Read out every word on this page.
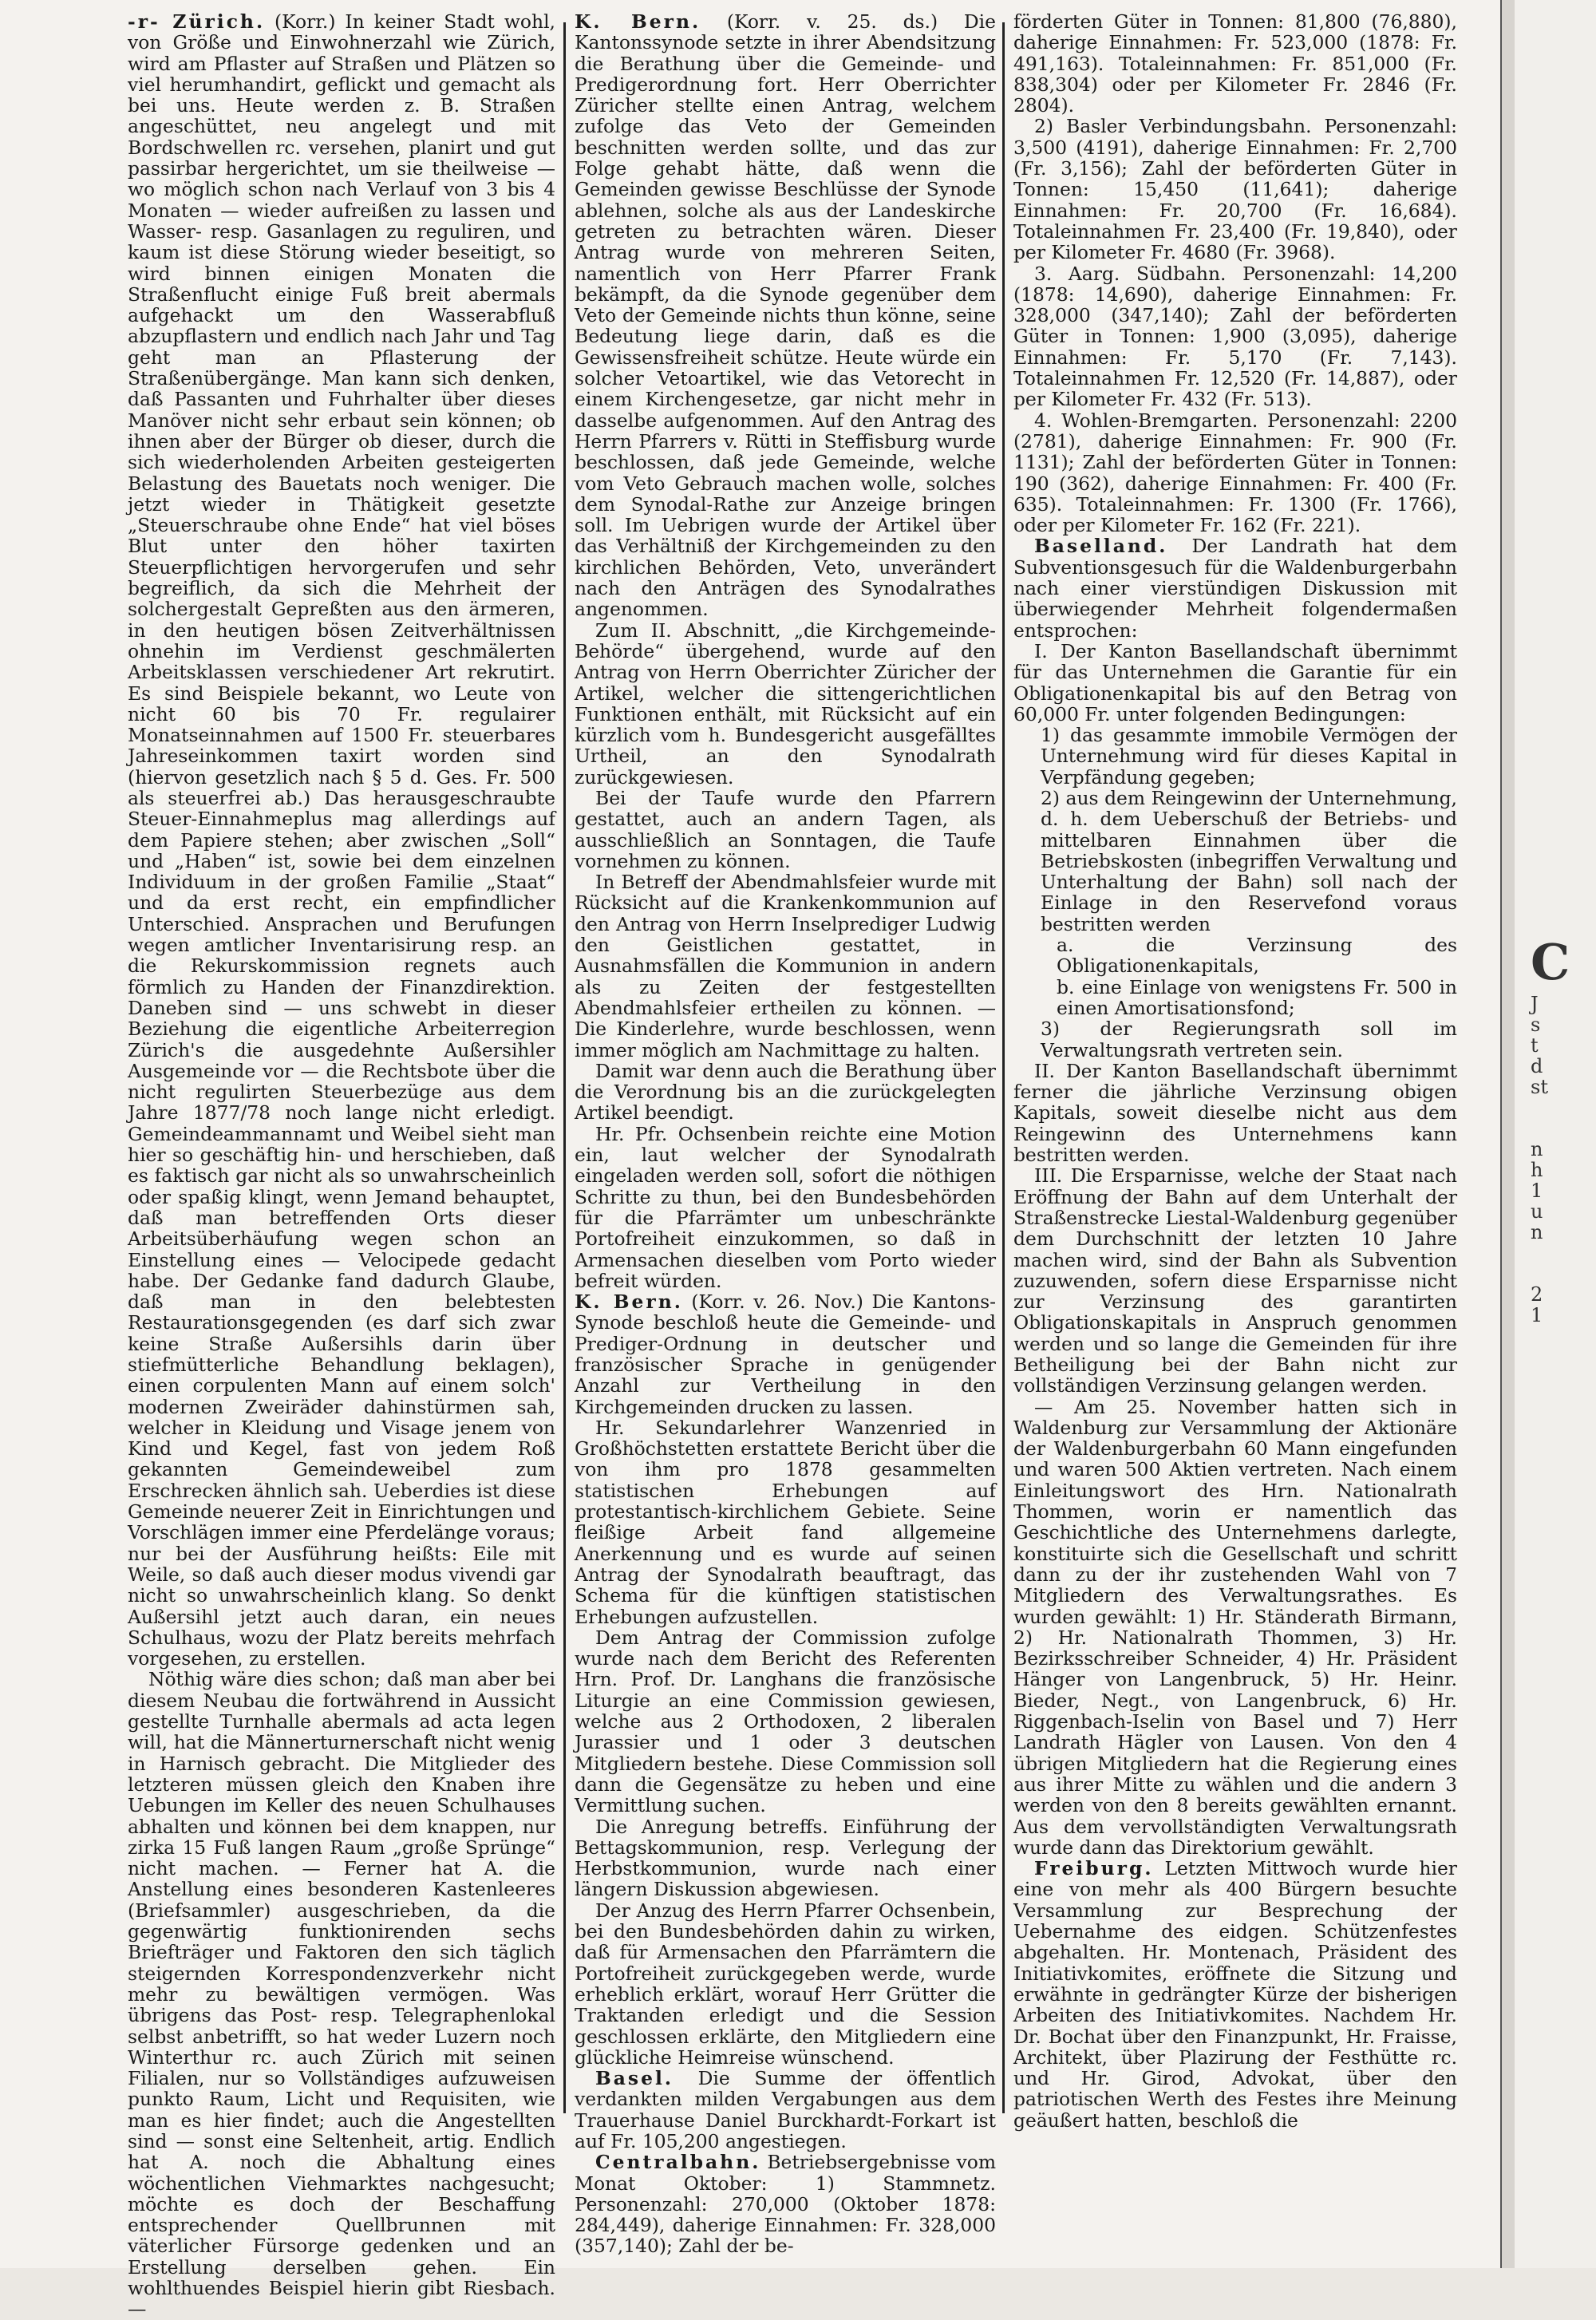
-r- Zürich. (Korr.) In keiner Stadt wohl, von Größe und Einwohnerzahl wie Zürich, wird am Pflaster auf Straßen und Plätzen so viel herumhandirt, geflickt und gemacht als bei uns. Heute werden z. B. Straßen angeschüttet, neu angelegt und mit Bordschwellen rc. versehen, planirt und gut passirbar hergerichtet, um sie theilweise — wo möglich schon nach Verlauf von 3 bis 4 Monaten — wieder aufreißen zu lassen und Wasser- resp. Gasanlagen zu reguliren, und kaum ist diese Störung wieder beseitigt, so wird binnen einigen Monaten die Straßenflucht einige Fuß breit abermals aufgehackt um den Wasserabfluß abzupflastern und endlich nach Jahr und Tag geht man an Pflasterung der Straßenübergänge. Man kann sich denken, daß Passanten und Fuhrhalter über dieses Manöver nicht sehr erbaut sein können; ob ihnen aber der Bürger ob dieser, durch die sich wiederholenden Arbeiten gesteigerten Belastung des Bauetats noch weniger. Die jetzt wieder in Thätigkeit gesetzte „Steuerschraube ohne Ende“ hat viel böses Blut unter den höher taxirten Steuerpflichtigen hervorgerufen und sehr begreiflich, da sich die Mehrheit der solchergestalt Gepreßten aus den ärmeren, in den heutigen bösen Zeitverhältnissen ohnehin im Verdienst geschmälerten Arbeitsklassen verschiedener Art rekrutirt. Es sind Beispiele bekannt, wo Leute von nicht 60 bis 70 Fr. regulairer Monatseinnahmen auf 1500 Fr. steuerbares Jahreseinkommen taxirt worden sind (hiervon gesetzlich nach § 5 d. Ges. Fr. 500 als steuerfrei ab.) Das herausgeschraubte Steuer-Einnahmeplus mag allerdings auf dem Papiere stehen; aber zwischen „Soll“ und „Haben“ ist, sowie bei dem einzelnen Individuum in der großen Familie „Staat“ und da erst recht, ein empfindlicher Unterschied. Ansprachen und Berufungen wegen amtlicher Inventarisirung resp. an die Rekurskommission regnets auch förmlich zu Handen der Finanzdirektion. Daneben sind — uns schwebt in dieser Beziehung die eigentliche Arbeiterregion Zürich's die ausgedehnte Außersihler Ausgemeinde vor — die Rechtsbote über die nicht regulirten Steuerbezüge aus dem Jahre 1877/78 noch lange nicht erledigt. Gemeindeammannamt und Weibel sieht man hier so geschäftig hin- und herschieben, daß es faktisch gar nicht als so unwahrscheinlich oder spaßig klingt, wenn Jemand behauptet, daß man betreffenden Orts dieser Arbeitsüberhäufung wegen schon an Einstellung eines — Velocipede gedacht habe. Der Gedanke fand dadurch Glaube, daß man in den belebtesten Restaurationsgegenden (es darf sich zwar keine Straße Außersihls darin über stiefmütterliche Behandlung beklagen), einen corpulenten Mann auf einem solch' modernen Zweiräder dahinstürmen sah, welcher in Kleidung und Visage jenem von Kind und Kegel, fast von jedem Roß gekannten Gemeindeweibel zum Erschrecken ähnlich sah. Ueberdies ist diese Gemeinde neuerer Zeit in Einrichtungen und Vorschlägen immer eine Pferdelänge voraus; nur bei der Ausführung heißts: Eile mit Weile, so daß auch dieser modus vivendi gar nicht so unwahrscheinlich klang. So denkt Außersihl jetzt auch daran, ein neues Schulhaus, wozu der Platz bereits mehrfach vorgesehen, zu erstellen.

Nöthig wäre dies schon; daß man aber bei diesem Neubau die fortwährend in Aussicht gestellte Turnhalle abermals ad acta legen will, hat die Männerturnerschaft nicht wenig in Harnisch gebracht. Die Mitglieder des letzteren müssen gleich den Knaben ihre Uebungen im Keller des neuen Schulhauses abhalten und können bei dem knappen, nur zirka 15 Fuß langen Raum „große Sprünge“ nicht machen. — Ferner hat A. die Anstellung eines besonderen Kastenleeres (Briefsammler) ausgeschrieben, da die gegenwärtig funktionirenden sechs Briefträger und Faktoren den sich täglich steigernden Korrespondenzverkehr nicht mehr zu bewältigen vermögen. Was übrigens das Post- resp. Telegraphenlokal selbst anbetrifft, so hat weder Luzern noch Winterthur rc. auch Zürich mit seinen Filialen, nur so Vollständiges aufzuweisen punkto Raum, Licht und Requisiten, wie man es hier findet; auch die Angestellten sind — sonst eine Seltenheit, artig. Endlich hat A. noch die Abhaltung eines wöchentlichen Viehmarktes nachgesucht; möchte es doch der Beschaffung entsprechender Quellbrunnen mit väterlicher Fürsorge gedenken und an Erstellung derselben gehen. Ein wohlthuendes Beispiel hierin gibt Riesbach. —

K. Bern. (Korr. v. 25. ds.) Die Kantonssynode setzte in ihrer Abendsitzung die Berathung über die Gemeinde- und Predigerordnung fort. Herr Oberrichter Züricher stellte einen Antrag, welchem zufolge das Veto der Gemeinden beschnitten werden sollte, und das zur Folge gehabt hätte, daß wenn die Gemeinden gewisse Beschlüsse der Synode ablehnen, solche als aus der Landeskirche getreten zu betrachten wären. Dieser Antrag wurde von mehreren Seiten, namentlich von Herr Pfarrer Frank bekämpft, da die Synode gegenüber dem Veto der Gemeinde nichts thun könne, seine Bedeutung liege darin, daß es die Gewissensfreiheit schütze. Heute würde ein solcher Vetoartikel, wie das Vetorecht in einem Kirchengesetze, gar nicht mehr in dasselbe aufgenommen. Auf den Antrag des Herrn Pfarrers v. Rütti in Steffisburg wurde beschlossen, daß jede Gemeinde, welche vom Veto Gebrauch machen wolle, solches dem Synodal-Rathe zur Anzeige bringen soll. Im Uebrigen wurde der Artikel über das Verhältniß der Kirchgemeinden zu den kirchlichen Behörden, Veto, unverändert nach den Anträgen des Synodalrathes angenommen.

Zum II. Abschnitt, „die Kirchgemeinde-Behörde“ übergehend, wurde auf den Antrag von Herrn Oberrichter Züricher der Artikel, welcher die sittengerichtlichen Funktionen enthält, mit Rücksicht auf ein kürzlich vom h. Bundesgericht ausgefälltes Urtheil, an den Synodalrath zurückgewiesen.

Bei der Taufe wurde den Pfarrern gestattet, auch an andern Tagen, als ausschließlich an Sonntagen, die Taufe vornehmen zu können.

In Betreff der Abendmahlsfeier wurde mit Rücksicht auf die Krankenkommunion auf den Antrag von Herrn Inselprediger Ludwig den Geistlichen gestattet, in Ausnahmsfällen die Kommunion in andern als zu Zeiten der festgestellten Abendmahlsfeier ertheilen zu können. — Die Kinderlehre, wurde beschlossen, wenn immer möglich am Nachmittage zu halten.

Damit war denn auch die Berathung über die Verordnung bis an die zurückgelegten Artikel beendigt.

Hr. Pfr. Ochsenbein reichte eine Motion ein, laut welcher der Synodalrath eingeladen werden soll, sofort die nöthigen Schritte zu thun, bei den Bundesbehörden für die Pfarrämter um unbeschränkte Portofreiheit einzukommen, so daß in Armensachen dieselben vom Porto wieder befreit würden.

K. Bern. (Korr. v. 26. Nov.) Die Kantons-Synode beschloß heute die Gemeinde- und Prediger-Ordnung in deutscher und französischer Sprache in genügender Anzahl zur Vertheilung in den Kirchgemeinden drucken zu lassen.

Hr. Sekundarlehrer Wanzenried in Großhöchstetten erstattete Bericht über die von ihm pro 1878 gesammelten statistischen Erhebungen auf protestantisch-kirchlichem Gebiete. Seine fleißige Arbeit fand allgemeine Anerkennung und es wurde auf seinen Antrag der Synodalrath beauftragt, das Schema für die künftigen statistischen Erhebungen aufzustellen.

Dem Antrag der Commission zufolge wurde nach dem Bericht des Referenten Hrn. Prof. Dr. Langhans die französische Liturgie an eine Commission gewiesen, welche aus 2 Orthodoxen, 2 liberalen Jurassier und 1 oder 3 deutschen Mitgliedern bestehe. Diese Commission soll dann die Gegensätze zu heben und eine Vermittlung suchen.

Die Anregung betreffs. Einführung der Bettagskommunion, resp. Verlegung der Herbstkommunion, wurde nach einer längern Diskussion abgewiesen.

Der Anzug des Herrn Pfarrer Ochsenbein, bei den Bundesbehörden dahin zu wirken, daß für Armensachen den Pfarrämtern die Portofreiheit zurückgegeben werde, wurde erheblich erklärt, worauf Herr Grütter die Traktanden erledigt und die Session geschlossen erklärte, den Mitgliedern eine glückliche Heimreise wünschend.

Basel. Die Summe der öffentlich verdankten milden Vergabungen aus dem Trauerhause Daniel Burckhardt-Forkart ist auf Fr. 105,200 angestiegen.

Centralbahn. Betriebsergebnisse vom Monat Oktober: 1) Stammnetz. Personenzahl: 270,000 (Oktober 1878: 284,449), daherige Einnahmen: Fr. 328,000 (357,140); Zahl der be-

förderten Güter in Tonnen: 81,800 (76,880), daherige Einnahmen: Fr. 523,000 (1878: Fr. 491,163). Totaleinnahmen: Fr. 851,000 (Fr. 838,304) oder per Kilometer Fr. 2846 (Fr. 2804).

2) Basler Verbindungsbahn. Personenzahl: 3,500 (4191), daherige Einnahmen: Fr. 2,700 (Fr. 3,156); Zahl der beförderten Güter in Tonnen: 15,450 (11,641); daherige Einnahmen: Fr. 20,700 (Fr. 16,684). Totaleinnahmen Fr. 23,400 (Fr. 19,840), oder per Kilometer Fr. 4680 (Fr. 3968).

3. Aarg. Südbahn. Personenzahl: 14,200 (1878: 14,690), daherige Einnahmen: Fr. 328,000 (347,140); Zahl der beförderten Güter in Tonnen: 1,900 (3,095), daherige Einnahmen: Fr. 5,170 (Fr. 7,143). Totaleinnahmen Fr. 12,520 (Fr. 14,887), oder per Kilometer Fr. 432 (Fr. 513).

4. Wohlen-Bremgarten. Personenzahl: 2200 (2781), daherige Einnahmen: Fr. 900 (Fr. 1131); Zahl der beförderten Güter in Tonnen: 190 (362), daherige Einnahmen: Fr. 400 (Fr. 635). Totaleinnahmen: Fr. 1300 (Fr. 1766), oder per Kilometer Fr. 162 (Fr. 221).

Baselland. Der Landrath hat dem Subventionsgesuch für die Waldenburgerbahn nach einer vierstündigen Diskussion mit überwiegender Mehrheit folgendermaßen entsprochen:

I. Der Kanton Basellandschaft übernimmt für das Unternehmen die Garantie für ein Obligationenkapital bis auf den Betrag von 60,000 Fr. unter folgenden Bedingungen:

1) das gesammte immobile Vermögen der Unternehmung wird für dieses Kapital in Verpfändung gegeben;

2) aus dem Reingewinn der Unternehmung, d. h. dem Ueberschuß der Betriebs- und mittelbaren Einnahmen über die Betriebskosten (inbegriffen Verwaltung und Unterhaltung der Bahn) soll nach der Einlage in den Reservefond voraus bestritten werden

a. die Verzinsung des Obligationenkapitals,

b. eine Einlage von wenigstens Fr. 500 in einen Amortisationsfond;

3) der Regierungsrath soll im Verwaltungsrath vertreten sein.

II. Der Kanton Basellandschaft übernimmt ferner die jährliche Verzinsung obigen Kapitals, soweit dieselbe nicht aus dem Reingewinn des Unternehmens kann bestritten werden.

III. Die Ersparnisse, welche der Staat nach Eröffnung der Bahn auf dem Unterhalt der Straßenstrecke Liestal-Waldenburg gegenüber dem Durchschnitt der letzten 10 Jahre machen wird, sind der Bahn als Subvention zuzuwenden, sofern diese Ersparnisse nicht zur Verzinsung des garantirten Obligationskapitals in Anspruch genommen werden und so lange die Gemeinden für ihre Betheiligung bei der Bahn nicht zur vollständigen Verzinsung gelangen werden.

— Am 25. November hatten sich in Waldenburg zur Versammlung der Aktionäre der Waldenburgerbahn 60 Mann eingefunden und waren 500 Aktien vertreten. Nach einem Einleitungswort des Hrn. Nationalrath Thommen, worin er namentlich das Geschichtliche des Unternehmens darlegte, konstituirte sich die Gesellschaft und schritt dann zu der ihr zustehenden Wahl von 7 Mitgliedern des Verwaltungsrathes. Es wurden gewählt: 1) Hr. Ständerath Birmann, 2) Hr. Nationalrath Thommen, 3) Hr. Bezirksschreiber Schneider, 4) Hr. Präsident Hänger von Langenbruck, 5) Hr. Heinr. Bieder, Negt., von Langenbruck, 6) Hr. Riggenbach-Iselin von Basel und 7) Herr Landrath Hägler von Lausen. Von den 4 übrigen Mitgliedern hat die Regierung eines aus ihrer Mitte zu wählen und die andern 3 werden von den 8 bereits gewählten ernannt. Aus dem vervollständigten Verwaltungsrath wurde dann das Direktorium gewählt.

Freiburg. Letzten Mittwoch wurde hier eine von mehr als 400 Bürgern besuchte Versammlung zur Besprechung der Uebernahme des eidgen. Schützenfestes abgehalten. Hr. Montenach, Präsident des Initiativkomites, eröffnete die Sitzung und erwähnte in gedrängter Kürze der bisherigen Arbeiten des Initiativkomites. Nachdem Hr. Dr. Bochat über den Finanzpunkt, Hr. Fraisse, Architekt, über Plazirung der Festhütte rc. und Hr. Girod, Advokat, über den patriotischen Werth des Festes ihre Meinung geäußert hatten, beschloß die

C
J
s
t
d
st

n
h
1
u
n

2
1
